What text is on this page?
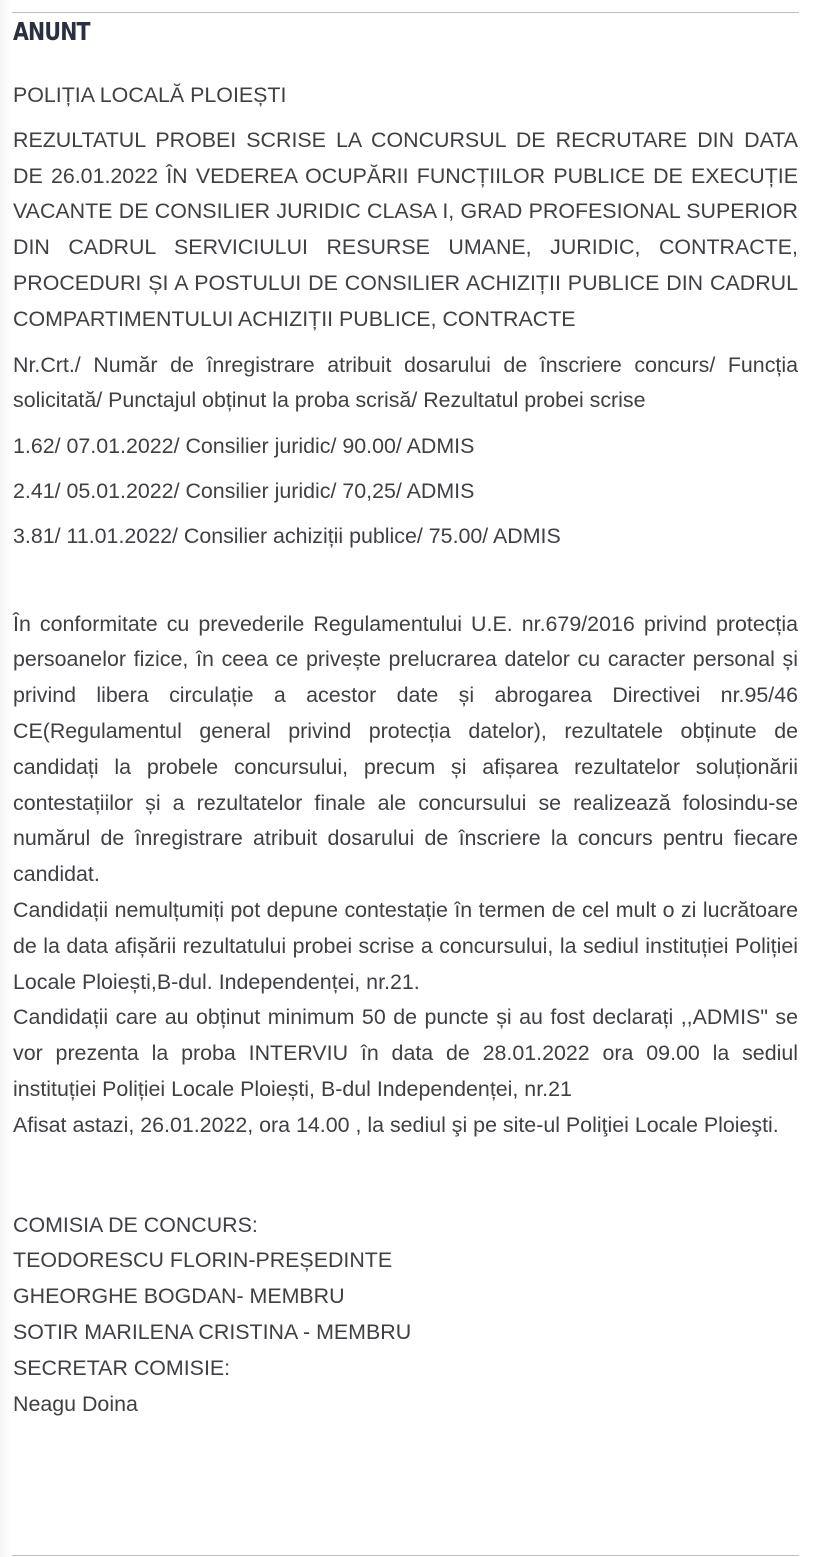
ANUNT

POLIȚIA LOCALĂ PLOIEȘTI

REZULTATUL PROBEI SCRISE LA CONCURSUL DE RECRUTARE DIN DATA DE 26.01.2022 ÎN VEDEREA OCUPĂRII FUNCȚIILOR PUBLICE DE EXECUȚIE VACANTE DE CONSILIER JURIDIC CLASA I, GRAD PROFESIONAL SUPERIOR DIN CADRUL SERVICIULUI RESURSE UMANE, JURIDIC, CONTRACTE, PROCEDURI ȘI A POSTULUI DE CONSILIER ACHIZIȚII PUBLICE DIN CADRUL COMPARTIMENTULUI ACHIZIȚII PUBLICE, CONTRACTE

Nr.Crt./ Număr de înregistrare atribuit dosarului de înscriere concurs/ Funcția solicitată/ Punctajul obținut la proba scrisă/ Rezultatul probei scrise

1.62/ 07.01.2022/ Consilier juridic/ 90.00/ ADMIS

2.41/ 05.01.2022/ Consilier juridic/ 70,25/ ADMIS

3.81/ 11.01.2022/ Consilier achiziții publice/ 75.00/ ADMIS

În conformitate cu prevederile Regulamentului U.E. nr.679/2016 privind protecția persoanelor fizice, în ceea ce privește prelucrarea datelor cu caracter personal și privind libera circulație a acestor date și abrogarea Directivei nr.95/46 CE(Regulamentul general privind protecția datelor), rezultatele obținute de candidați la probele concursului, precum și afișarea rezultatelor soluționării contestațiilor și a rezultatelor finale ale concursului se realizează folosindu-se numărul de înregistrare atribuit dosarului de înscriere la concurs pentru fiecare candidat.

Candidații nemulțumiți pot depune contestație în termen de cel mult o zi lucrătoare de la data afișării rezultatului probei scrise a concursului, la sediul instituției Poliției Locale Ploiești,B-dul. Independenței, nr.21.

Candidații care au obținut minimum 50 de puncte și au fost declarați ,,ADMIS" se vor prezenta la proba INTERVIU în data de 28.01.2022 ora 09.00 la sediul instituției Poliției Locale Ploiești, B-dul Independenței, nr.21

Afisat astazi, 26.01.2022, ora 14.00 , la sediul şi pe site-ul Poliţiei Locale Ploieşti.

COMISIA DE CONCURS:

TEODORESCU FLORIN-PREȘEDINTE

GHEORGHE BOGDAN- MEMBRU

SOTIR MARILENA CRISTINA - MEMBRU

SECRETAR COMISIE:

Neagu Doina
